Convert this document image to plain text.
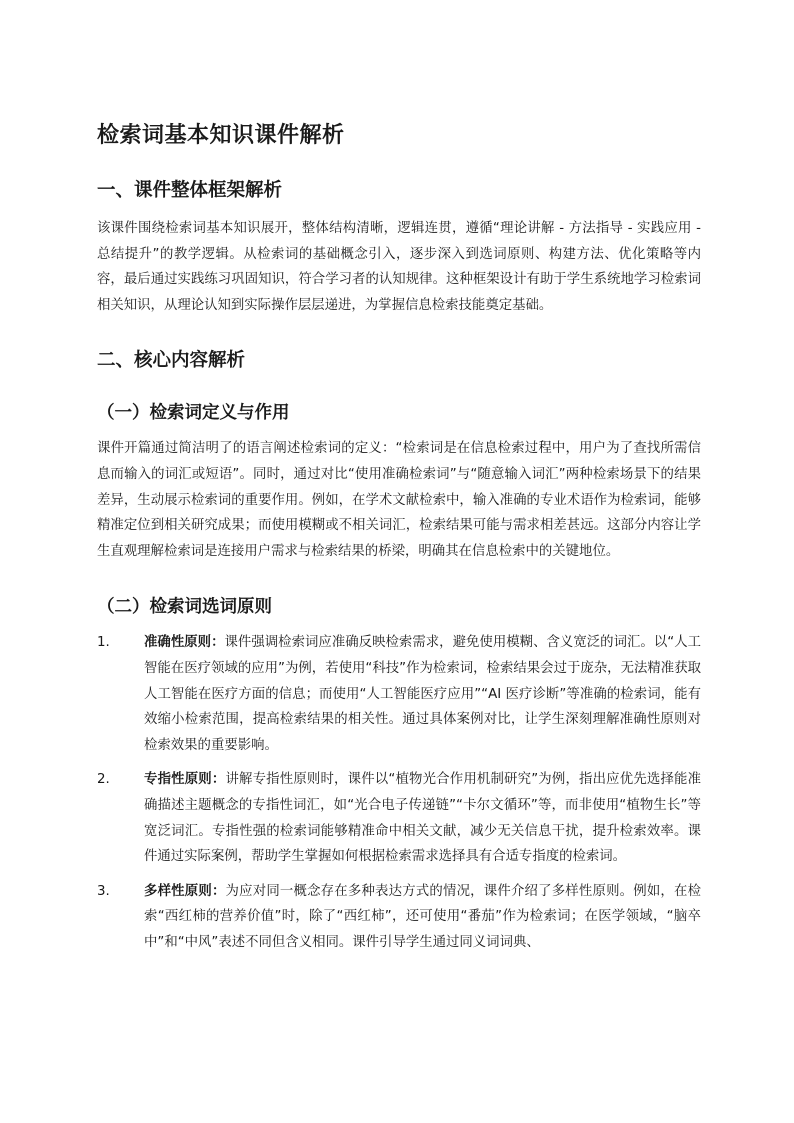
检索词基本知识课件解析
一、课件整体框架解析

该课件围绕检索词基本知识展开，整体结构清晰，逻辑连贯，遵循“理论讲解 - 方法指导 - 实践应用 - 总结提升”的教学逻辑。从检索词的基础概念引入，逐步深入到选词原则、构建方法、优化策略等内容，最后通过实践练习巩固知识，符合学习者的认知规律。这种框架设计有助于学生系统地学习检索词相关知识，从理论认知到实际操作层层递进，为掌握信息检索技能奠定基础。

二、核心内容解析
（一）检索词定义与作用

课件开篇通过简洁明了的语言阐述检索词的定义：“检索词是在信息检索过程中，用户为了查找所需信息而输入的词汇或短语”。同时，通过对比“使用准确检索词”与“随意输入词汇”两种检索场景下的结果差异，生动展示检索词的重要作用。例如，在学术文献检索中，输入准确的专业术语作为检索词，能够精准定位到相关研究成果；而使用模糊或不相关词汇，检索结果可能与需求相差甚远。这部分内容让学生直观理解检索词是连接用户需求与检索结果的桥梁，明确其在信息检索中的关键地位。

（二）检索词选词原则
1.	准确性原则：课件强调检索词应准确反映检索需求，避免使用模糊、含义宽泛的词汇。以“人工智能在医疗领域的应用”为例，若使用“科技”作为检索词，检索结果会过于庞杂，无法精准获取人工智能在医疗方面的信息；而使用“人工智能医疗应用”“AI 医疗诊断”等准确的检索词，能有效缩小检索范围，提高检索结果的相关性。通过具体案例对比，让学生深刻理解准确性原则对检索效果的重要影响。
2.	专指性原则：讲解专指性原则时，课件以“植物光合作用机制研究”为例，指出应优先选择能准确描述主题概念的专指性词汇，如“光合电子传递链”“卡尔文循环”等，而非使用“植物生长”等宽泛词汇。专指性强的检索词能够精准命中相关文献，减少无关信息干扰，提升检索效率。课件通过实际案例，帮助学生掌握如何根据检索需求选择具有合适专指度的检索词。
3.	多样性原则：为应对同一概念存在多种表达方式的情况，课件介绍了多样性原则。例如，在检索“西红柿的营养价值”时，除了“西红柿”，还可使用“番茄”作为检索词；在医学领域，“脑卒中”和“中风”表述不同但含义相同。课件引导学生通过同义词词典、
